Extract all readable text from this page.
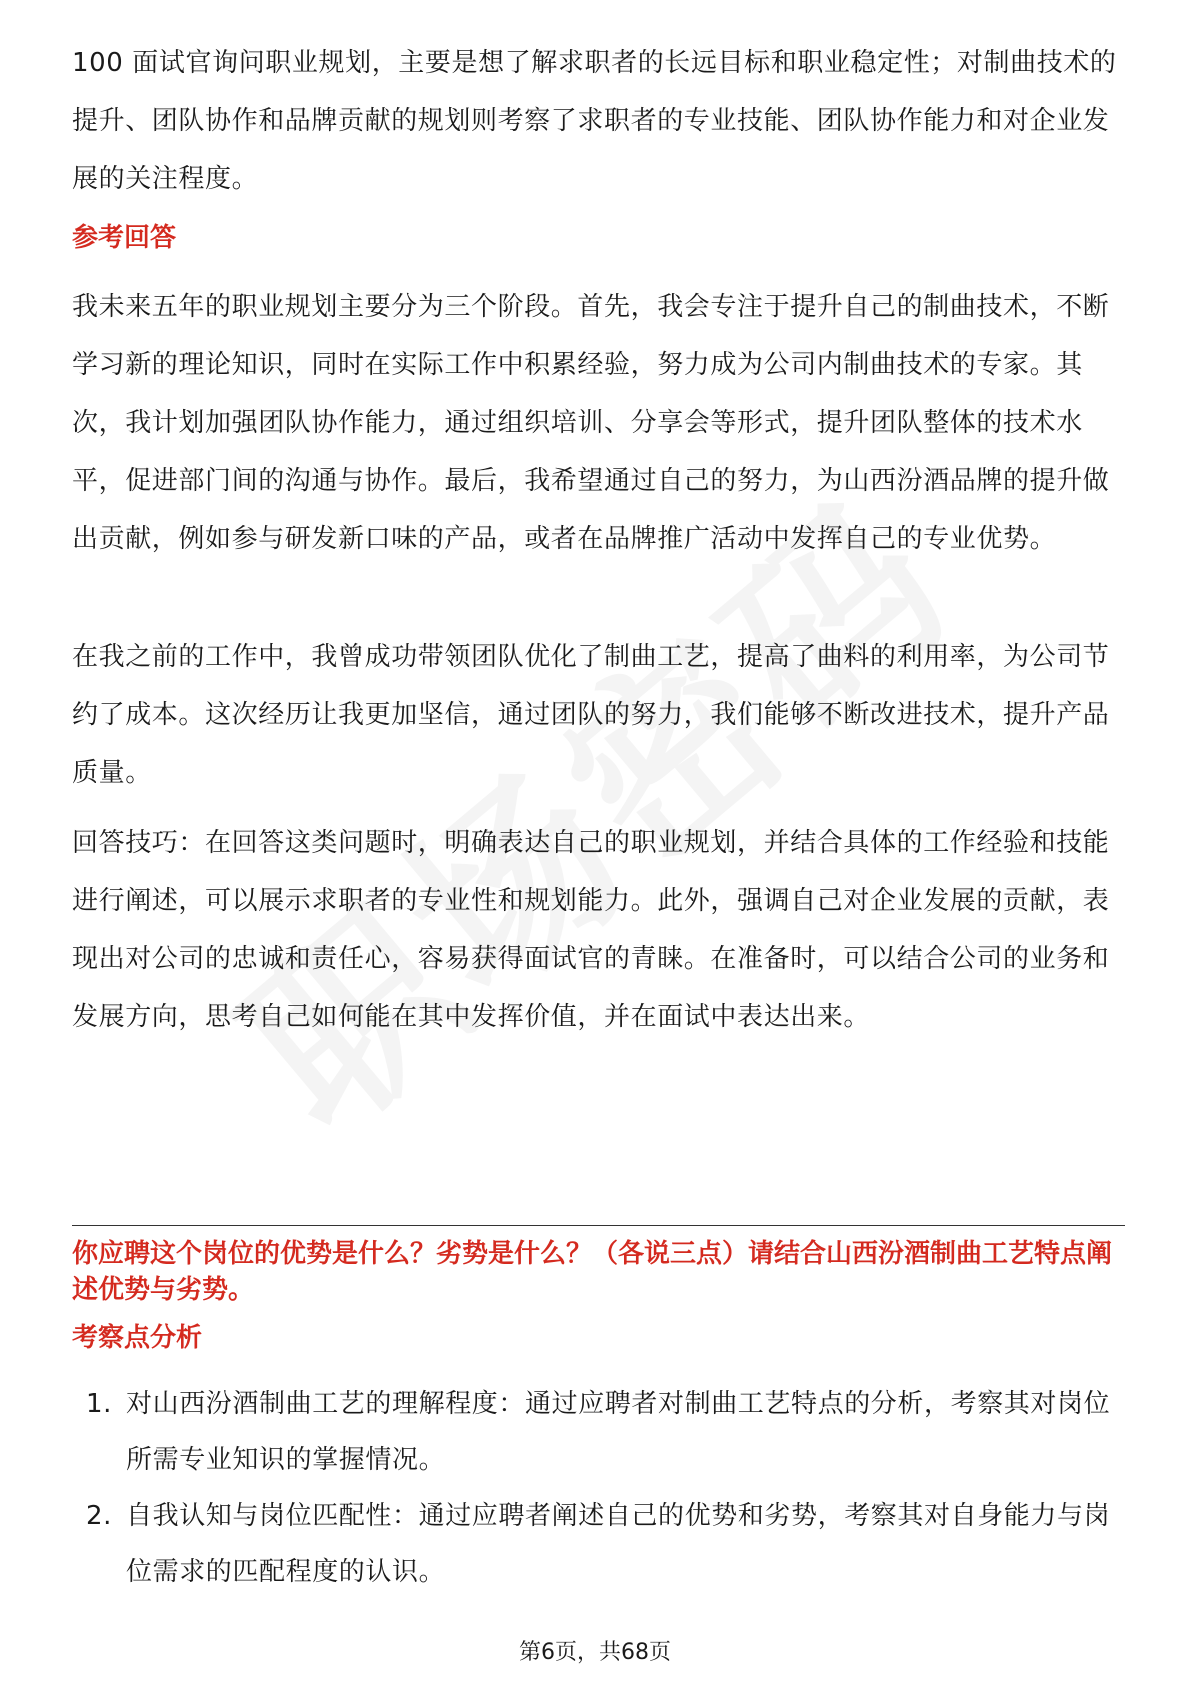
100 面试官询问职业规划，主要是想了解求职者的长远目标和职业稳定性；对制曲技术的提升、团队协作和品牌贡献的规划则考察了求职者的专业技能、团队协作能力和对企业发展的关注程度。

参考回答

我未来五年的职业规划主要分为三个阶段。首先，我会专注于提升自己的制曲技术，不断学习新的理论知识，同时在实际工作中积累经验，努力成为公司内制曲技术的专家。其次，我计划加强团队协作能力，通过组织培训、分享会等形式，提升团队整体的技术水平，促进部门间的沟通与协作。最后，我希望通过自己的努力，为山西汾酒品牌的提升做出贡献，例如参与研发新口味的产品，或者在品牌推广活动中发挥自己的专业优势。

在我之前的工作中，我曾成功带领团队优化了制曲工艺，提高了曲料的利用率，为公司节约了成本。这次经历让我更加坚信，通过团队的努力，我们能够不断改进技术，提升产品质量。

回答技巧：在回答这类问题时，明确表达自己的职业规划，并结合具体的工作经验和技能进行阐述，可以展示求职者的专业性和规划能力。此外，强调自己对企业发展的贡献，表现出对公司的忠诚和责任心，容易获得面试官的青睐。在准备时，可以结合公司的业务和发展方向，思考自己如何能在其中发挥价值，并在面试中表达出来。

你应聘这个岗位的优势是什么？劣势是什么？（各说三点）请结合山西汾酒制曲工艺特点阐述优势与劣势。

考察点分析

1. 对山西汾酒制曲工艺的理解程度：通过应聘者对制曲工艺特点的分析，考察其对岗位所需专业知识的掌握情况。
2. 自我认知与岗位匹配性：通过应聘者阐述自己的优势和劣势，考察其对自身能力与岗位需求的匹配程度的认识。
第6页，共68页
